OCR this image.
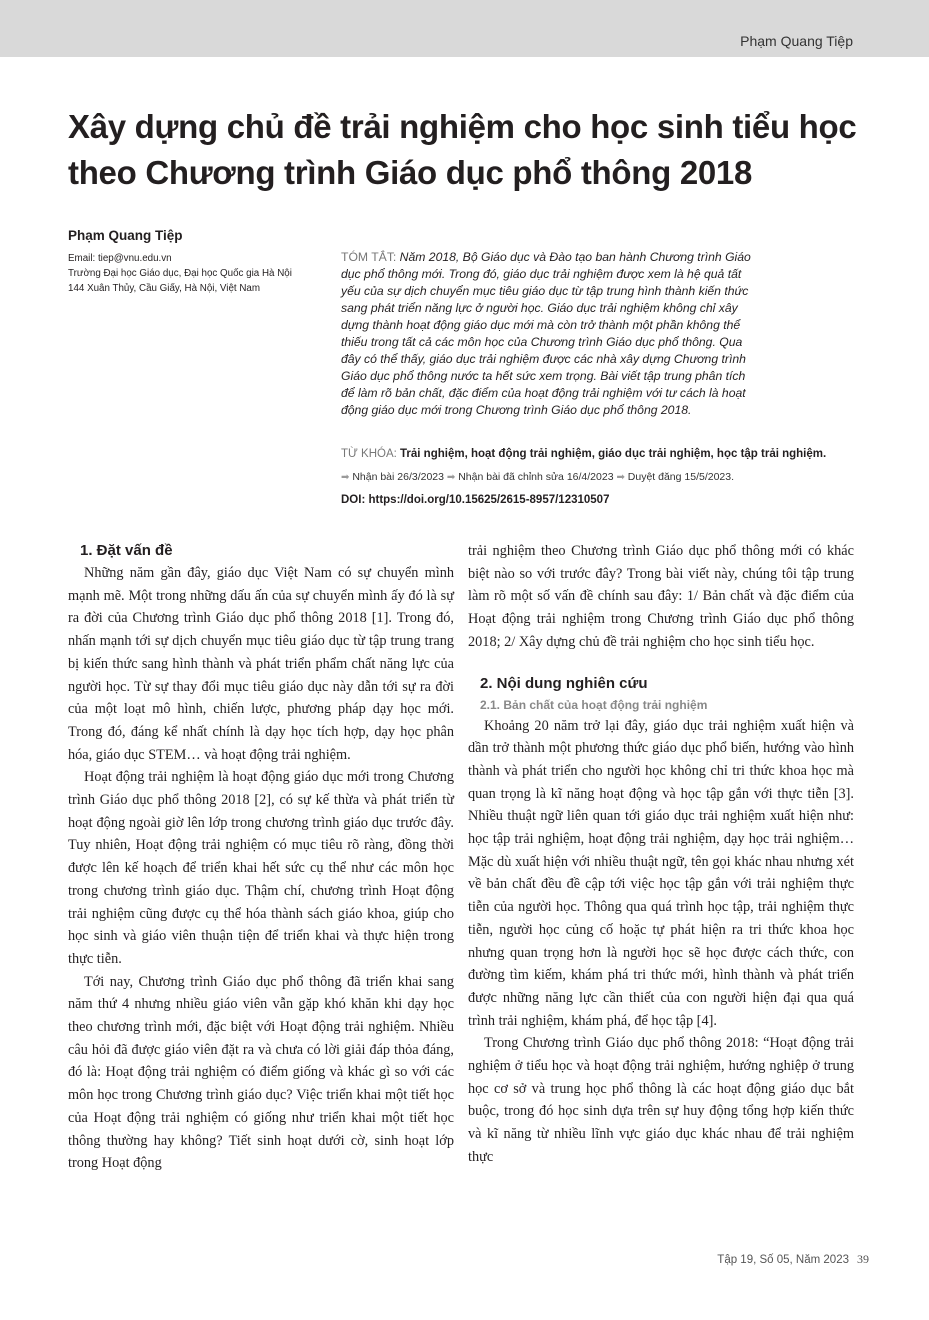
Phạm Quang Tiệp
Xây dựng chủ đề trải nghiệm cho học sinh tiểu học
theo Chương trình Giáo dục phổ thông 2018
Phạm Quang Tiệp
Email: tiep@vnu.edu.vn
Trường Đại học Giáo dục, Đại học Quốc gia Hà Nội
144 Xuân Thủy, Cầu Giấy, Hà Nội, Việt Nam

TÓM TẮT: Năm 2018, Bộ Giáo dục và Đào tạo ban hành Chương trình Giáo
dục phổ thông mới. Trong đó, giáo dục trải nghiệm được xem là hệ quả tất
yếu của sự dịch chuyển mục tiêu giáo dục từ tập trung hình thành kiến thức
sang phát triển năng lực ở người học. Giáo dục trải nghiệm không chỉ xây
dựng thành hoạt động giáo dục mới mà còn trở thành một phần không thể
thiếu trong tất cả các môn học của Chương trình Giáo dục phổ thông. Qua
đây có thể thấy, giáo dục trải nghiệm được các nhà xây dựng Chương trình
Giáo dục phổ thông nước ta hết sức xem trọng. Bài viết tập trung phân tích
để làm rõ bản chất, đặc điểm của hoạt động trải nghiệm với tư cách là hoạt
động giáo dục mới trong Chương trình Giáo dục phổ thông 2018.

TỪ KHÓA: Trải nghiệm, hoạt động trải nghiệm, giáo dục trải nghiệm, học tập trải nghiệm.
➡ Nhận bài 26/3/2023 ➡ Nhận bài đã chỉnh sửa 16/4/2023 ➡ Duyệt đăng 15/5/2023.
DOI: https://doi.org/10.15625/2615-8957/12310507
1. Đặt vấn đề

Những năm gần đây, giáo dục Việt Nam có sự chuyển mình mạnh mẽ. Một trong những dấu ấn của sự chuyển mình ấy đó là sự ra đời của Chương trình Giáo dục phổ thông 2018 [1]. Trong đó, nhấn mạnh tới sự dịch chuyển mục tiêu giáo dục từ tập trung trang bị kiến thức sang hình thành và phát triển phẩm chất năng lực của người học. Từ sự thay đổi mục tiêu giáo dục này dẫn tới sự ra đời của một loạt mô hình, chiến lược, phương pháp dạy học mới. Trong đó, đáng kể nhất chính là dạy học tích hợp, dạy học phân hóa, giáo dục STEM… và hoạt động trải nghiệm.

Hoạt động trải nghiệm là hoạt động giáo dục mới trong Chương trình Giáo dục phổ thông 2018 [2], có sự kế thừa và phát triển từ hoạt động ngoài giờ lên lớp trong chương trình giáo dục trước đây. Tuy nhiên, Hoạt động trải nghiệm có mục tiêu rõ ràng, đồng thời được lên kế hoạch để triển khai hết sức cụ thể như các môn học trong chương trình giáo dục. Thậm chí, chương trình Hoạt động trải nghiệm cũng được cụ thể hóa thành sách giáo khoa, giúp cho học sinh và giáo viên thuận tiện để triển khai và thực hiện trong thực tiễn.

Tới nay, Chương trình Giáo dục phổ thông đã triển khai sang năm thứ 4 nhưng nhiều giáo viên vẫn gặp khó khăn khi dạy học theo chương trình mới, đặc biệt với Hoạt động trải nghiệm. Nhiều câu hỏi đã được giáo viên đặt ra và chưa có lời giải đáp thỏa đáng, đó là: Hoạt động trải nghiệm có điểm giống và khác gì so với các môn học trong Chương trình giáo dục? Việc triển khai một tiết học của Hoạt động trải nghiệm có giống như triển khai một tiết học thông thường hay không? Tiết sinh hoạt dưới cờ, sinh hoạt lớp trong Hoạt động

trải nghiệm theo Chương trình Giáo dục phổ thông mới có khác biệt nào so với trước đây? Trong bài viết này, chúng tôi tập trung làm rõ một số vấn đề chính sau đây: 1/ Bản chất và đặc điểm của Hoạt động trải nghiệm trong Chương trình Giáo dục phổ thông 2018; 2/ Xây dựng chủ đề trải nghiệm cho học sinh tiểu học.

2. Nội dung nghiên cứu
2.1. Bản chất của hoạt động trải nghiệm

Khoảng 20 năm trở lại đây, giáo dục trải nghiệm xuất hiện và dần trở thành một phương thức giáo dục phổ biến, hướng vào hình thành và phát triển cho người học không chỉ tri thức khoa học mà quan trọng là kĩ năng hoạt động và học tập gắn với thực tiễn [3]. Nhiều thuật ngữ liên quan tới giáo dục trải nghiệm xuất hiện như: học tập trải nghiệm, hoạt động trải nghiệm, dạy học trải nghiệm… Mặc dù xuất hiện với nhiều thuật ngữ, tên gọi khác nhau nhưng xét về bản chất đều đề cập tới việc học tập gắn với trải nghiệm thực tiễn của người học. Thông qua quá trình học tập, trải nghiệm thực tiễn, người học củng cố hoặc tự phát hiện ra tri thức khoa học nhưng quan trọng hơn là người học sẽ học được cách thức, con đường tìm kiếm, khám phá tri thức mới, hình thành và phát triển được những năng lực cần thiết của con người hiện đại qua quá trình trải nghiệm, khám phá, để học tập [4].

Trong Chương trình Giáo dục phổ thông 2018: “Hoạt động trải nghiệm ở tiểu học và hoạt động trải nghiệm, hướng nghiệp ở trung học cơ sở và trung học phổ thông là các hoạt động giáo dục bắt buộc, trong đó học sinh dựa trên sự huy động tổng hợp kiến thức và kĩ năng từ nhiều lĩnh vực giáo dục khác nhau để trải nghiệm thực

Tập 19, Số 05, Năm 2023 39
